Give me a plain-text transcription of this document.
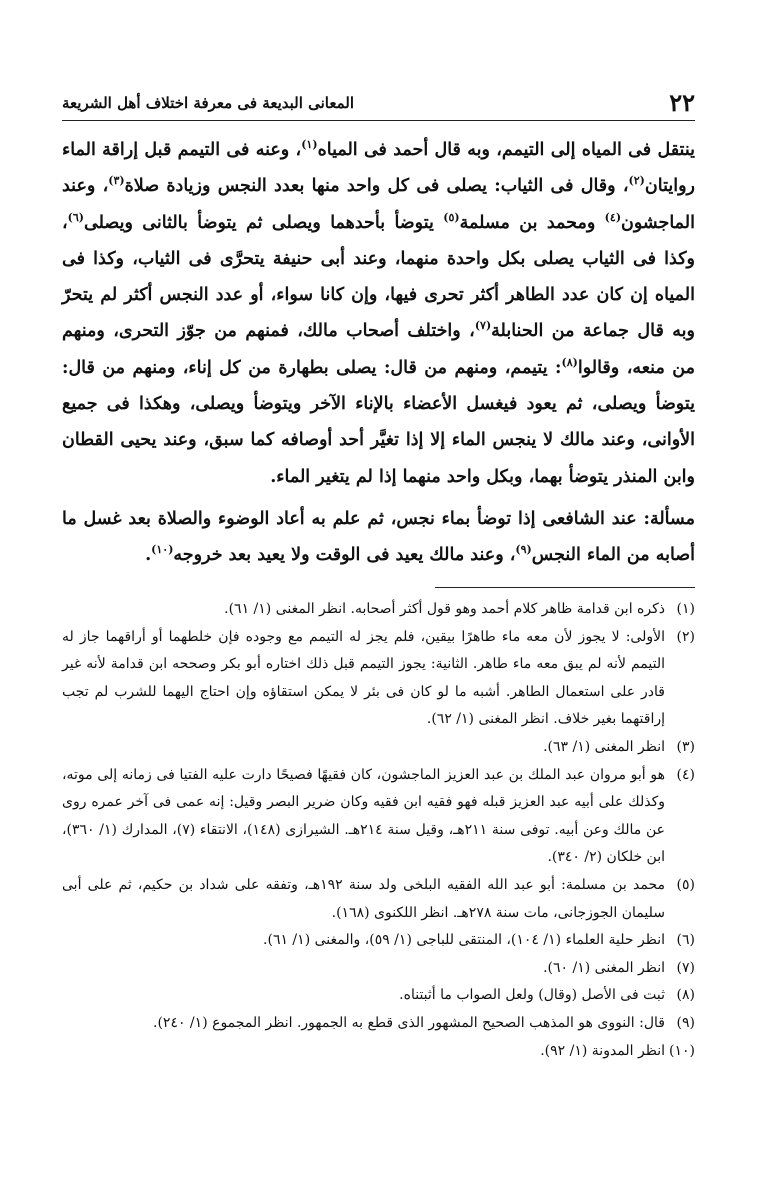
٢٢
المعانى البديعة فى معرفة اختلاف أهل الشريعة

ينتقل فى المياه إلى التيمم، وبه قال أحمد فى المياه$^{(١)}$، وعنه فى التيمم قبل إراقة الماء روايتان$^{(٢)}$، وقال فى الثياب: يصلى فى كل واحد منها بعدد النجس وزيادة صلاة$^{(٣)}$، وعند الماجشون$^{(٤)}$ ومحمد بن مسلمة$^{(٥)}$ يتوضأ بأحدهما ويصلى ثم يتوضأ بالثانى ويصلى$^{(٦)}$، وكذا فى الثياب يصلى بكل واحدة منهما، وعند أبى حنيفة يتحرَّى فى الثياب، وكذا فى المياه إن كان عدد الطاهر أكثر تحرى فيها، وإن كانا سواء، أو عدد النجس أكثر لم يتحرّ وبه قال جماعة من الحنابلة$^{(٧)}$، واختلف أصحاب مالك، فمنهم من جوّز التحرى، ومنهم من منعه، وقالوا$^{(٨)}$: يتيمم، ومنهم من قال: يصلى بطهارة من كل إناء، ومنهم من قال: يتوضأ ويصلى، ثم يعود فيغسل الأعضاء بالإناء الآخر ويتوضأ ويصلى، وهكذا فى جميع الأوانى، وعند مالك لا ينجس الماء إلا إذا تغيَّر أحد أوصافه كما سبق، وعند يحيى القطان وابن المنذر يتوضأ بهما، وبكل واحد منهما إذا لم يتغير الماء.

مسألة: عند الشافعى إذا توضأ بماء نجس، ثم علم به أعاد الوضوء والصلاة بعد غسل ما أصابه من الماء النجس$^{(٩)}$، وعند مالك يعيد فى الوقت ولا يعيد بعد خروجه$^{(١٠)}$.

(١)ذكره ابن قدامة ظاهر كلام أحمد وهو قول أكثر أصحابه. انظر المغنى (١/ ٦١).

(٢)الأولى: لا يجوز لأن معه ماء طاهرًا بيقين، فلم يجز له التيمم مع وجوده فإن خلطهما أو أراقهما جاز له التيمم لأنه لم يبق معه ماء طاهر. الثانية: يجوز التيمم قبل ذلك اختاره أبو بكر وصححه ابن قدامة لأنه غير قادر على استعمال الطاهر. أشبه ما لو كان فى بئر لا يمكن استقاؤه وإن احتاج اليهما للشرب لم تجب إراقتهما بغير خلاف. انظر المغنى (١/ ٦٢).

(٣)انظر المغنى (١/ ٦٣).

(٤)هو أبو مروان عبد الملك بن عبد العزيز الماجشون، كان فقيهًا فصيحًا دارت عليه الفتيا فى زمانه إلى موته، وكذلك على أبيه عبد العزيز قبله فهو فقيه ابن فقيه وكان ضرير البصر وقيل: إنه عمى فى آخر عمره روى عن مالك وعن أبيه. توفى سنة ٢١١هـ، وقيل سنة ٢١٤هـ. الشيرازى (١٤٨)، الانتقاء (٧)، المدارك (١/ ٣٦٠)، ابن خلكان (٢/ ٣٤٠).

(٥)محمد بن مسلمة: أبو عبد الله الفقيه البلخى ولد سنة ١٩٢هـ، وتفقه على شداد بن حكيم، ثم على أبى سليمان الجوزجانى، مات سنة ٢٧٨هـ. انظر اللكنوى (١٦٨).

(٦)انظر حلية العلماء (١/ ١٠٤)، المنتقى للباجى (١/ ٥٩)، والمغنى (١/ ٦١).

(٧)انظر المغنى (١/ ٦٠).

(٨)ثبت فى الأصل (وقال) ولعل الصواب ما أثبتناه.

(٩)قال: النووى هو المذهب الصحيح المشهور الذى قطع به الجمهور. انظر المجموع (١/ ٢٤٠).

(١٠)انظر المدونة (١/ ٩٢).
